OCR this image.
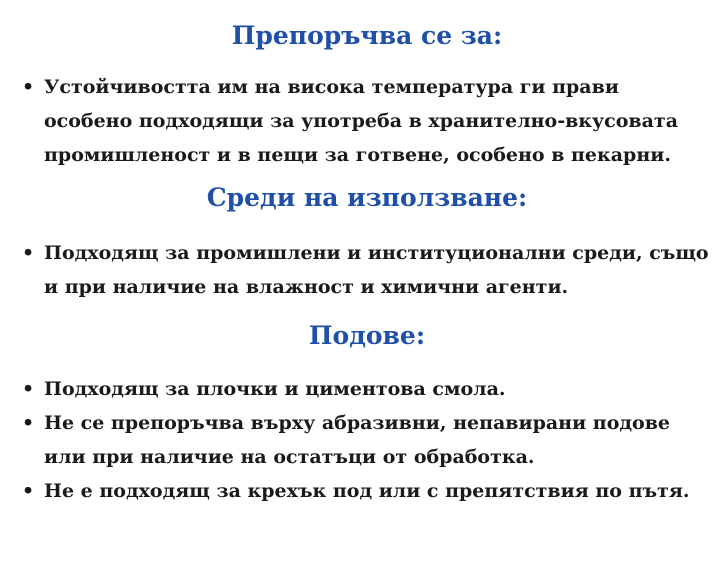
Препоръчва се за:
• Устойчивостта им на висока температура ги прави особено подходящи за употреба в хранително-вкусовата промишленост и в пещи за готвене, особено в пекарни.
Среди на използване:
• Подходящ за промишлени и институционални среди, също и при наличие на влажност и химични агенти.
Подове:
• Подходящ за плочки и циментова смола.
• Не се препоръчва върху абразивни, непавирани подове или при наличие на остатъци от обработка.
• Не е подходящ за крехък под или с препятствия по пътя.
